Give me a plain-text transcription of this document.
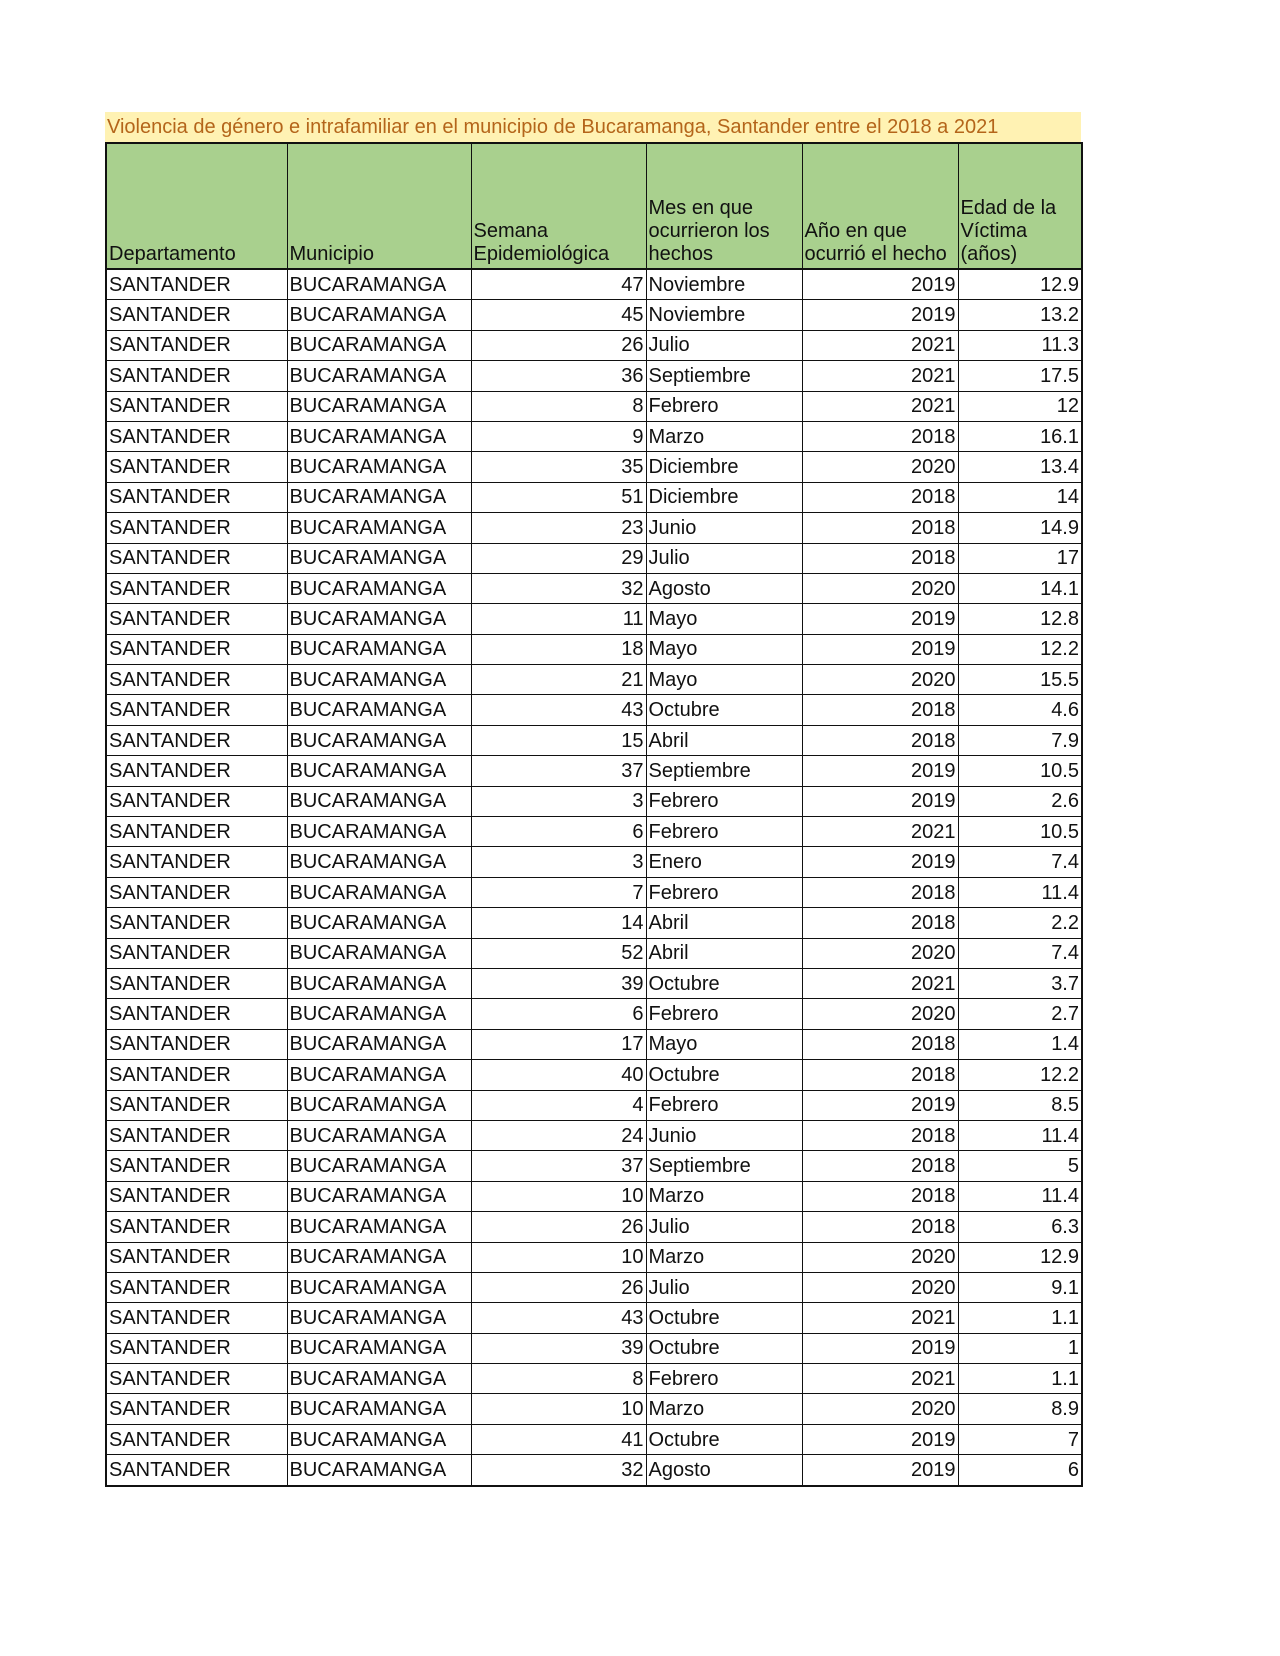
Violencia de género e intrafamiliar en el municipio de Bucaramanga, Santander entre el 2018 a 2021
Departamento	Municipio	Semana Epidemiológica	Mes en que ocurrieron los hechos	Año en que ocurrió el hecho	Edad de la Víctima (años)
SANTANDER	BUCARAMANGA	47	Noviembre	2019	12.9
SANTANDER	BUCARAMANGA	45	Noviembre	2019	13.2
SANTANDER	BUCARAMANGA	26	Julio	2021	11.3
SANTANDER	BUCARAMANGA	36	Septiembre	2021	17.5
SANTANDER	BUCARAMANGA	8	Febrero	2021	12
SANTANDER	BUCARAMANGA	9	Marzo	2018	16.1
SANTANDER	BUCARAMANGA	35	Diciembre	2020	13.4
SANTANDER	BUCARAMANGA	51	Diciembre	2018	14
SANTANDER	BUCARAMANGA	23	Junio	2018	14.9
SANTANDER	BUCARAMANGA	29	Julio	2018	17
SANTANDER	BUCARAMANGA	32	Agosto	2020	14.1
SANTANDER	BUCARAMANGA	11	Mayo	2019	12.8
SANTANDER	BUCARAMANGA	18	Mayo	2019	12.2
SANTANDER	BUCARAMANGA	21	Mayo	2020	15.5
SANTANDER	BUCARAMANGA	43	Octubre	2018	4.6
SANTANDER	BUCARAMANGA	15	Abril	2018	7.9
SANTANDER	BUCARAMANGA	37	Septiembre	2019	10.5
SANTANDER	BUCARAMANGA	3	Febrero	2019	2.6
SANTANDER	BUCARAMANGA	6	Febrero	2021	10.5
SANTANDER	BUCARAMANGA	3	Enero	2019	7.4
SANTANDER	BUCARAMANGA	7	Febrero	2018	11.4
SANTANDER	BUCARAMANGA	14	Abril	2018	2.2
SANTANDER	BUCARAMANGA	52	Abril	2020	7.4
SANTANDER	BUCARAMANGA	39	Octubre	2021	3.7
SANTANDER	BUCARAMANGA	6	Febrero	2020	2.7
SANTANDER	BUCARAMANGA	17	Mayo	2018	1.4
SANTANDER	BUCARAMANGA	40	Octubre	2018	12.2
SANTANDER	BUCARAMANGA	4	Febrero	2019	8.5
SANTANDER	BUCARAMANGA	24	Junio	2018	11.4
SANTANDER	BUCARAMANGA	37	Septiembre	2018	5
SANTANDER	BUCARAMANGA	10	Marzo	2018	11.4
SANTANDER	BUCARAMANGA	26	Julio	2018	6.3
SANTANDER	BUCARAMANGA	10	Marzo	2020	12.9
SANTANDER	BUCARAMANGA	26	Julio	2020	9.1
SANTANDER	BUCARAMANGA	43	Octubre	2021	1.1
SANTANDER	BUCARAMANGA	39	Octubre	2019	1
SANTANDER	BUCARAMANGA	8	Febrero	2021	1.1
SANTANDER	BUCARAMANGA	10	Marzo	2020	8.9
SANTANDER	BUCARAMANGA	41	Octubre	2019	7
SANTANDER	BUCARAMANGA	32	Agosto	2019	6
